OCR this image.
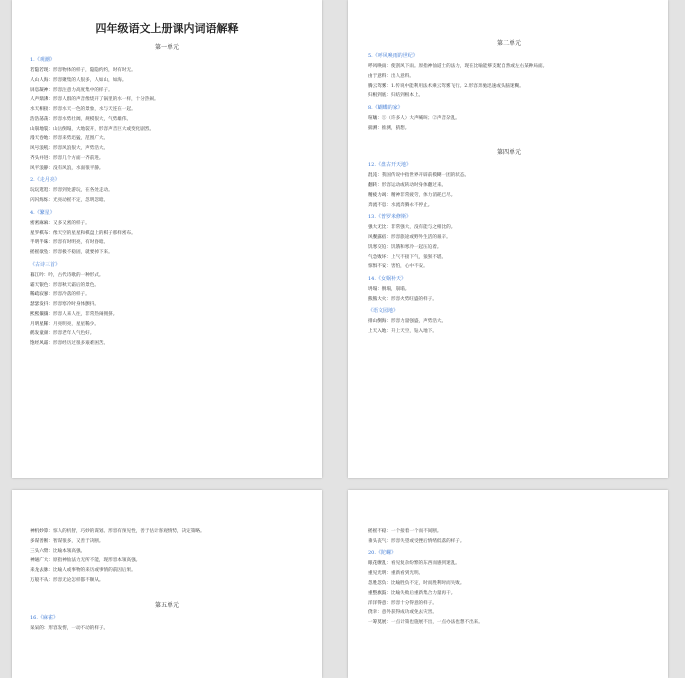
四年级语文上册课内词语解释
第一单元
1.《观潮》
若隐若现：形容物体的样子，隐隐约约，时有时无。
人山人海：形容聚集的人很多，人如山，如海。
屏息凝神：形容注意力高度集中的样子。
人声鼎沸：形容人群的声音像烧开了锅里的水一样，十分热闹。
水天相接：形容水天一色的景象，水与天连在一起。
浩浩荡荡：形容水势壮阔，规模很大，气势雄伟。
山崩地裂：山岳倒塌，大地裂开，形容声音巨大或变化剧烈。
漫天卷地：形容来势迅猛，范围广大。
风号浪吼：形容风浪很大，声势浩大。
齐头并进：形容几个方面一齐前进。
风平浪静：没有风浪，水面很平静。
2.《走月亮》
玩玩逛逛：形容到处游玩，在各处走动。
闪闪烁烁：光亮动摇不定，忽明忽暗。
4.《繁星》
密密麻麻：又多又密的样子。
星罗棋布：像天空的星星和棋盘上的棋子那样密布。
半明半昧：形容有时明亮，有时昏暗。
摇摇欲坠：形容极不稳固，就要掉下来。
《古诗三首》
暮江吟：吟，古代诗歌的一种形式。
霜天银色：形容秋天霜后的景色。
稀疏寂寥：形容冷落的样子。
瑟瑟发抖：形容寒冷时身体颤抖。
熙熙攘攘：形容人来人往，非常热闹拥挤。
月明星稀：月亮明亮，星星稀少。
鹤发童颜：形容老年人气色好。
饱经风霜：形容经历过很多艰难困苦。
第二单元
5.《呼风唤雨的世纪》
呼风唤雨：使刮风下雨。原指神仙道士的法力，现在比喻能够支配自然或左右某种局面。
由于意料：出人意料。
腾云驾雾：1.传说中能利用法术乘云驾雾飞行。2.形容奔驰迅速或头脑迷糊。
归根到底：归结到根本上。
8.《蝴蝶的家》
喧嚷：①（许多人）大声喊叫；②声音杂乱。
揣测：推测，猜想。
第四单元
12.《盘古开天地》
混沌：我国传说中指世界开辟前模糊一团的状态。
翻转：形容运动或转动时身体翻过来。
精疲力竭：精神非常疲劳，体力消耗已尽。
奔流不息：水流奔腾永不停止。
13.《普罗米修斯》
强大无比：非常强大，没有能与之相比的。
风餐露宿：形容旅途或野外生活的艰辛。
饥寒交迫：饥饿和寒冷一起压迫着。
气急败坏：上气不接下气，狼狈不堪。
惊惧不安：害怕，心中不安。
14.《女娲补天》
坍塌：倒塌，崩塌。
熊熊大火：形容火势旺盛的样子。
《语文园地》
排山倒海：形容力量强盛，声势浩大。
上天入地：升上天空，钻入地下。
神机妙算：惊人的机智，巧妙的谋划。形容有预见性，善于估计客观情势，决定策略。
多谋善断：智谋很多，又善于决断。
三头六臂：比喻本领高强。
神通广大：原指神仙法力无所不能，现形容本领高强。
来龙去脉：比喻人或事物的来历或事情的前因后果。
万般不从：形容无论怎样都不顺从。
第五单元
16.《麻雀》
呆呆的：形容发愣，一动不动的样子。
摇摇不稳：一个接着一个而不间断。
垂头丧气：形容失望或受挫后情绪低落的样子。
20.《陀螺》
眼花缭乱：看见复杂纷繁的东西而感到迷乱。
重见光明：重新看到光明。
忽胜忽负：比喻胜负不定，时而胜利时而失败。
重整旗鼓：比喻失败后重新集合力量再干。
洋洋得意：形容十分得意的样子。
侥幸：意外获得成功或免去灾害。
一筹莫展：一点计策也施展不出，一点办法也想不出来。
